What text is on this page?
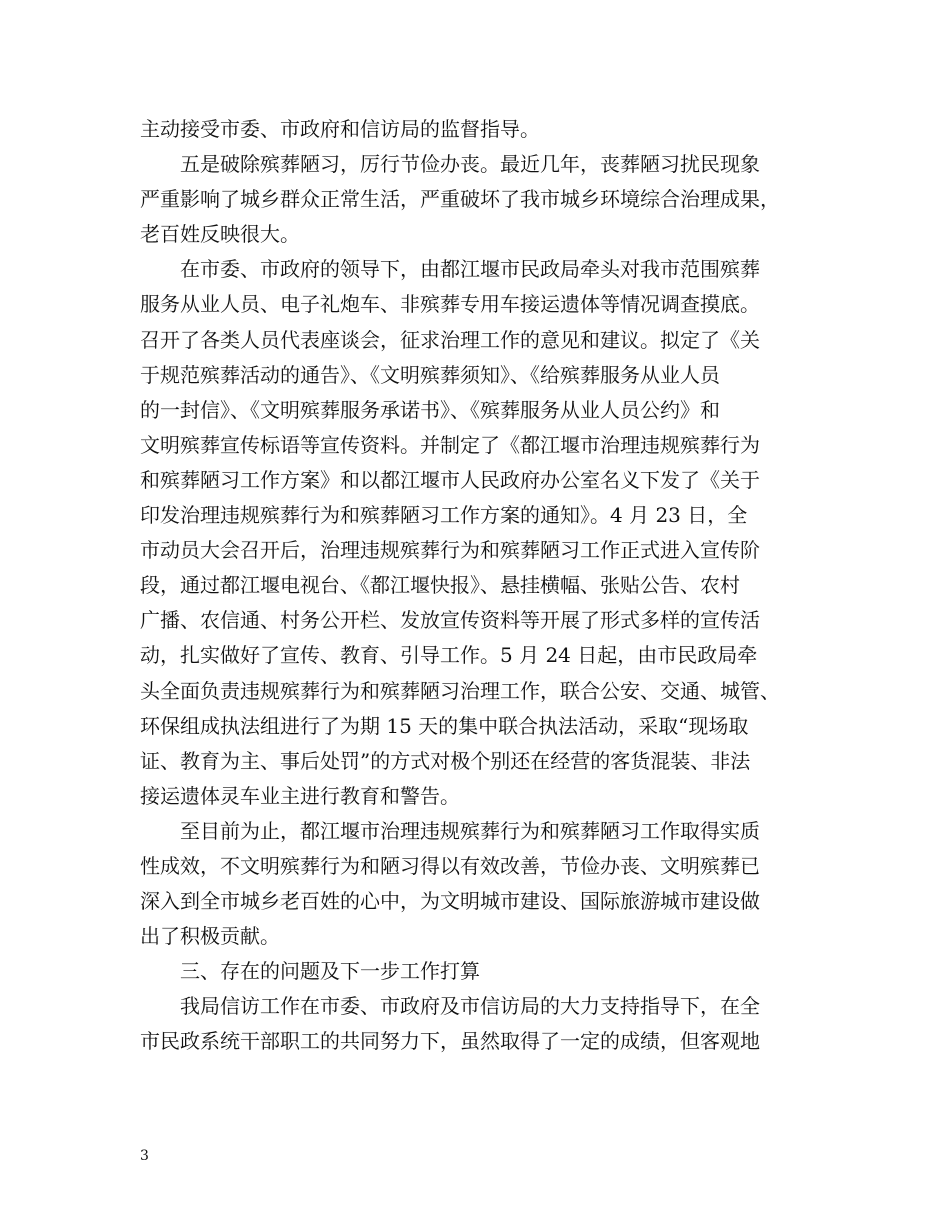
主动接受市委、市政府和信访局的监督指导。
五是破除殡葬陋习，厉行节俭办丧。最近几年，丧葬陋习扰民现象
严重影响了城乡群众正常生活，严重破坏了我市城乡环境综合治理成果，
老百姓反映很大。
在市委、市政府的领导下，由都江堰市民政局牵头对我市范围殡葬
服务从业人员、电子礼炮车、非殡葬专用车接运遗体等情况调查摸底。
召开了各类人员代表座谈会，征求治理工作的意见和建议。拟定了《关
于规范殡葬活动的通告》、《文明殡葬须知》、《给殡葬服务从业人员
的一封信》、《文明殡葬服务承诺书》、《殡葬服务从业人员公约》和
文明殡葬宣传标语等宣传资料。并制定了《都江堰市治理违规殡葬行为
和殡葬陋习工作方案》和以都江堰市人民政府办公室名义下发了《关于
印发治理违规殡葬行为和殡葬陋习工作方案的通知》。4 月 23 日，全
市动员大会召开后，治理违规殡葬行为和殡葬陋习工作正式进入宣传阶
段，通过都江堰电视台、《都江堰快报》、悬挂横幅、张贴公告、农村
广播、农信通、村务公开栏、发放宣传资料等开展了形式多样的宣传活
动，扎实做好了宣传、教育、引导工作。5 月 24 日起，由市民政局牵
头全面负责违规殡葬行为和殡葬陋习治理工作，联合公安、交通、城管、
环保组成执法组进行了为期 15 天的集中联合执法活动，采取“现场取
证、教育为主、事后处罚”的方式对极个别还在经营的客货混装、非法
接运遗体灵车业主进行教育和警告。
至目前为止，都江堰市治理违规殡葬行为和殡葬陋习工作取得实质
性成效，不文明殡葬行为和陋习得以有效改善，节俭办丧、文明殡葬已
深入到全市城乡老百姓的心中，为文明城市建设、国际旅游城市建设做
出了积极贡献。
三、存在的问题及下一步工作打算
我局信访工作在市委、市政府及市信访局的大力支持指导下，在全
市民政系统干部职工的共同努力下，虽然取得了一定的成绩，但客观地
3
